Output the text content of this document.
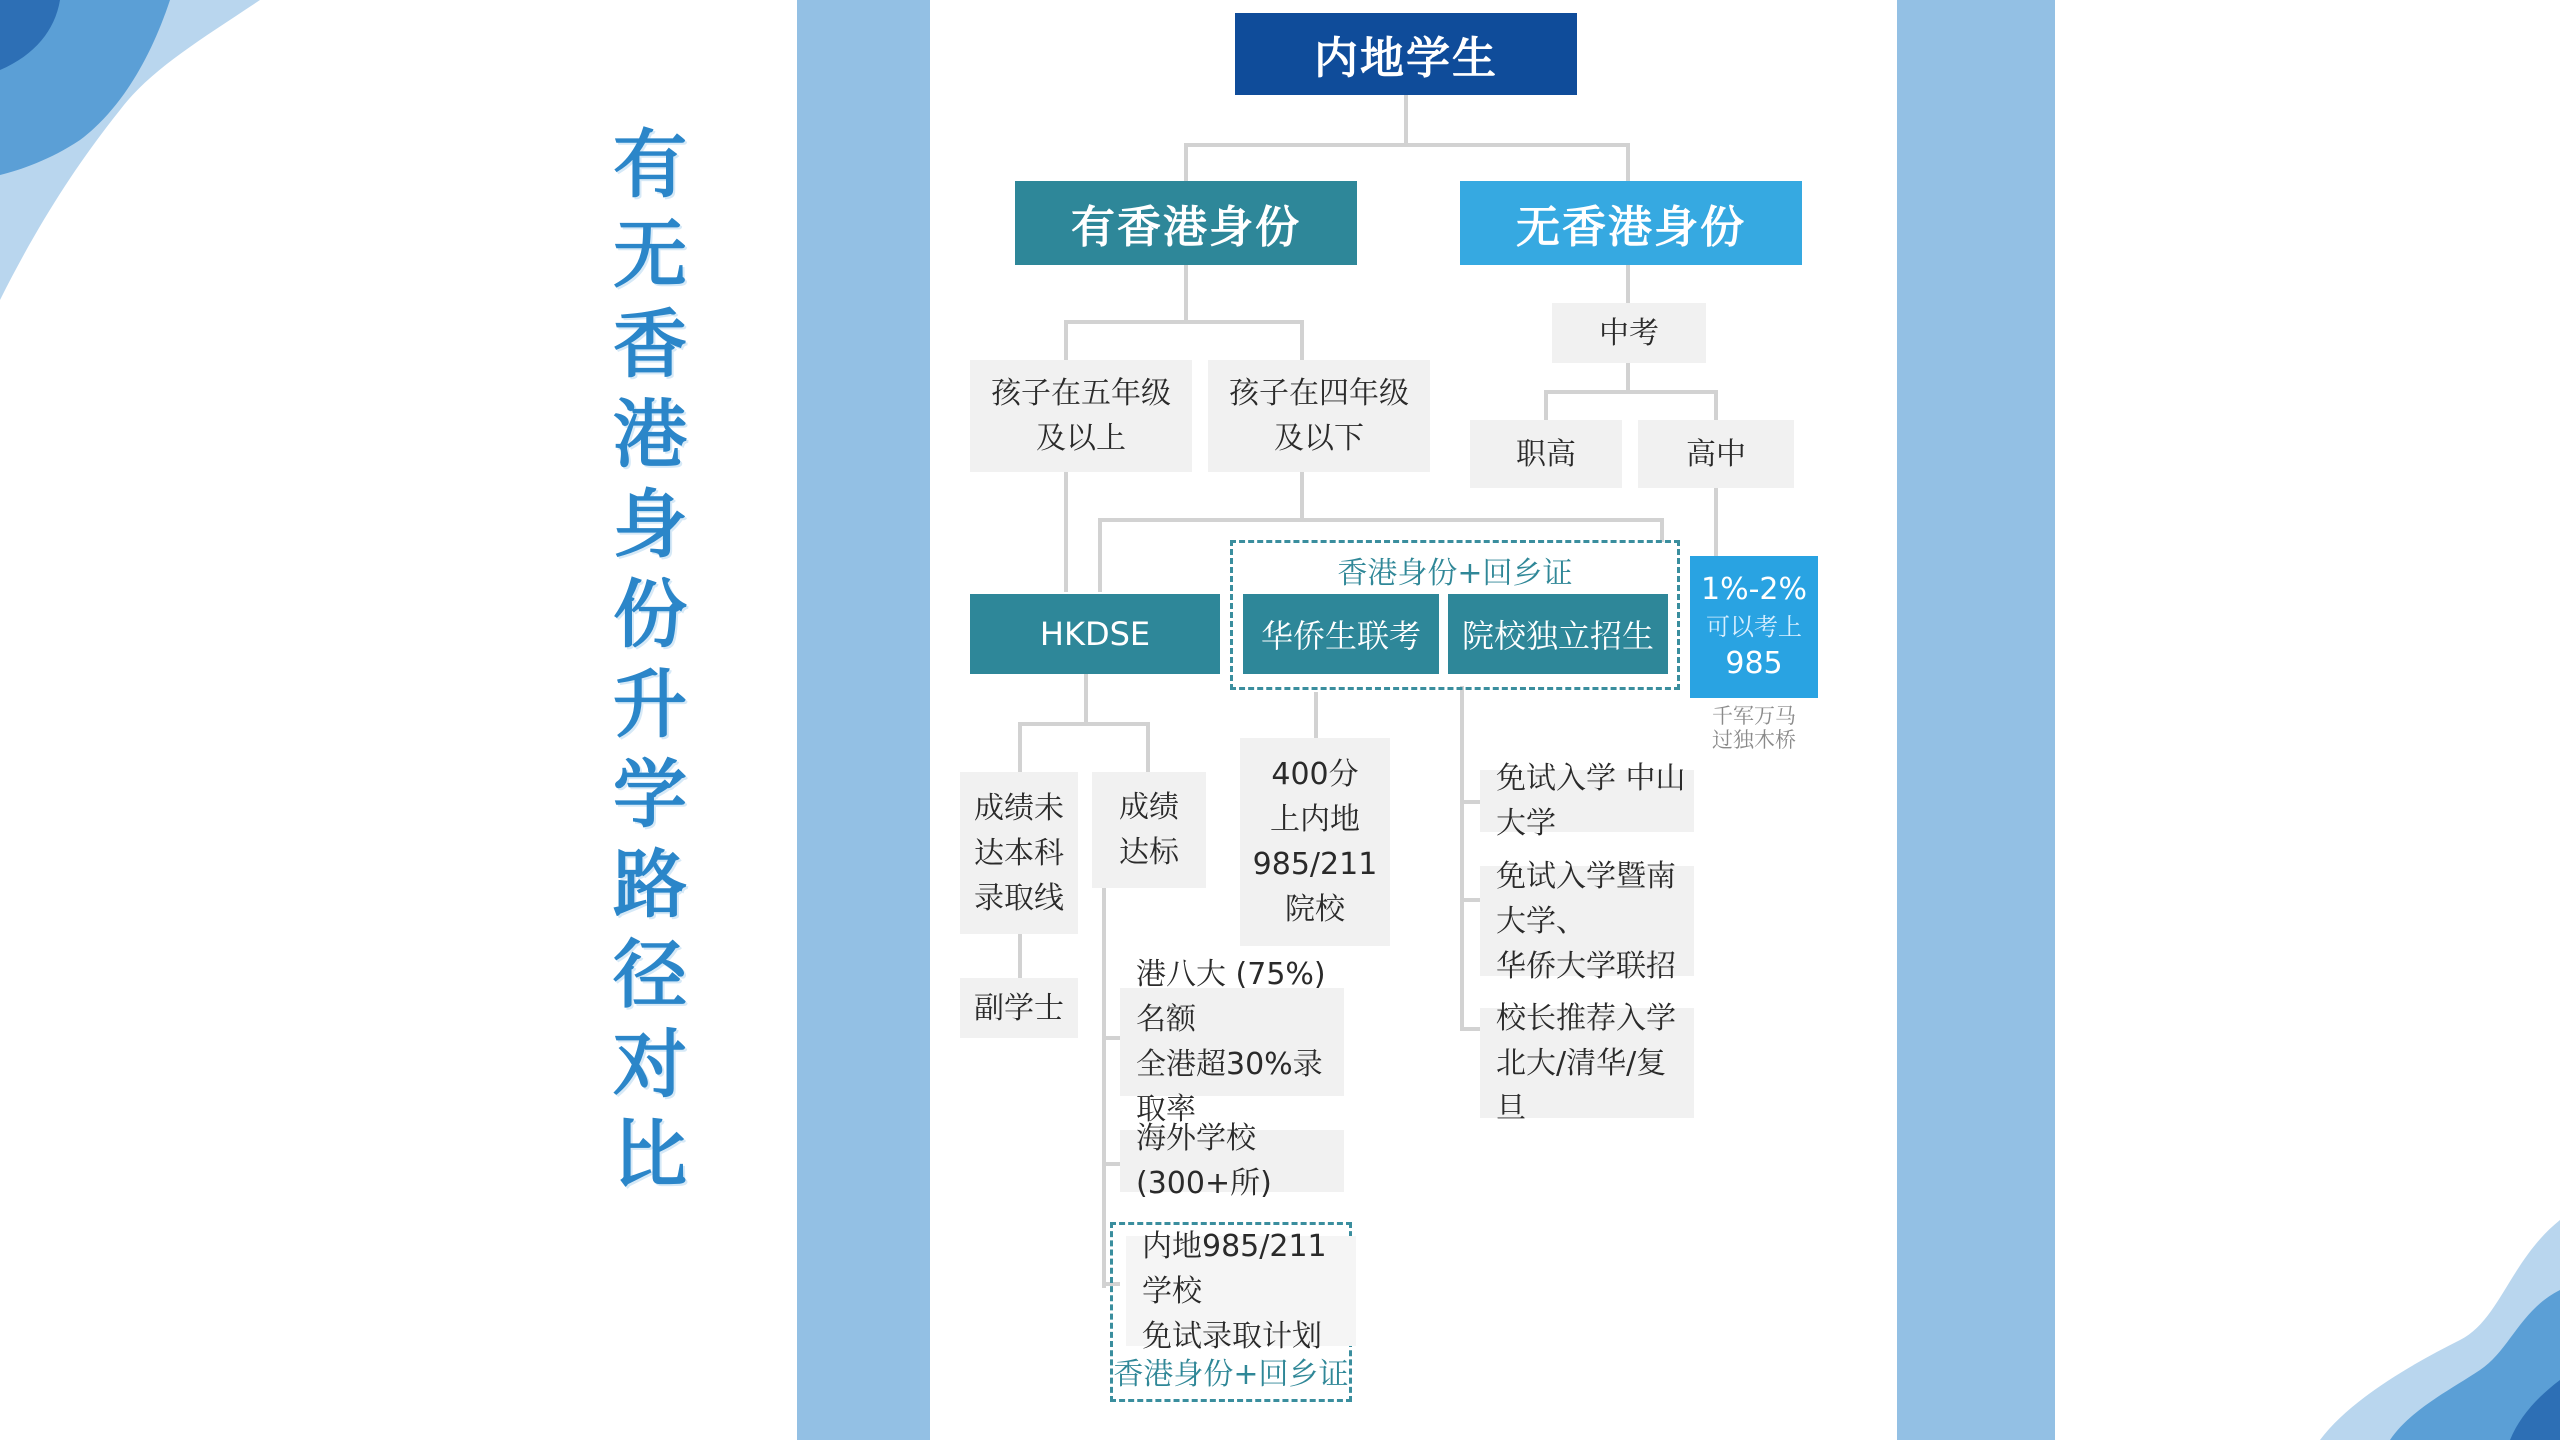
有
无
香
港
身
份
升
学
路
径
对
比
内地学生
有香港身份	无香港身份
孩子在五年级
及以上
孩子在四年级
及以下
中考
职高	高中
香港身份+回乡证
HKDSE	华侨生联考	院校独立招生
1%-2%
可以考上
985
千军万马
过独木桥
成绩未
达本科
录取线
成绩
达标
400分
上内地
985/211
院校
免试入学 中山大学
免试入学暨南大学、
华侨大学联招
校长推荐入学
北大/清华/复旦
副学士
港八大 (75%)名额
全港超30%录取率
海外学校(300+所)
内地985/211学校
免试录取计划
香港身份+回乡证
